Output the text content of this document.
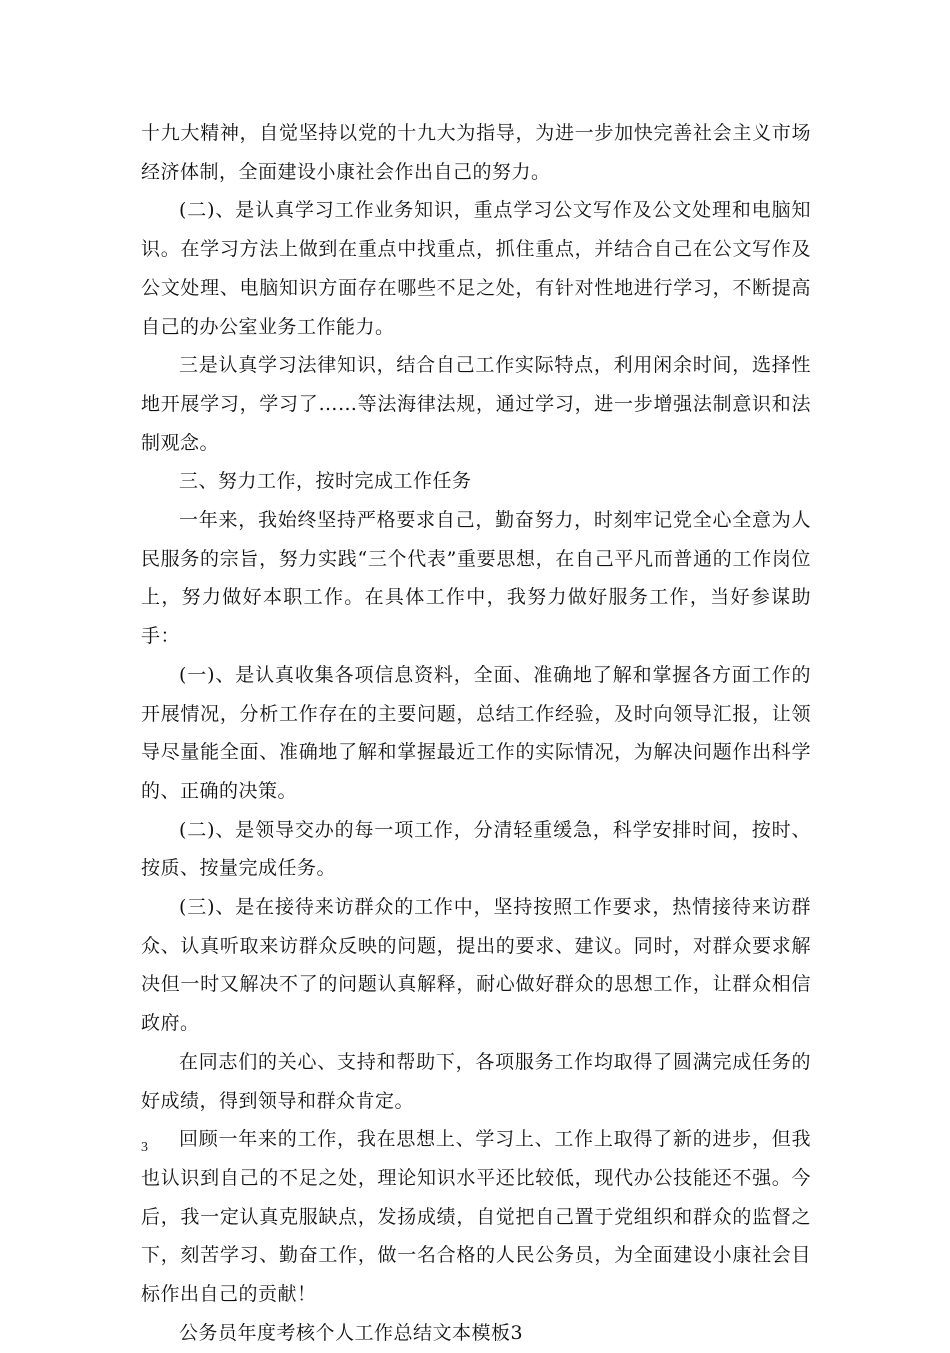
十九大精神，自觉坚持以党的十九大为指导，为进一步加快完善社会主义市场经济体制，全面建设小康社会作出自己的努力。

(二)、是认真学习工作业务知识，重点学习公文写作及公文处理和电脑知识。在学习方法上做到在重点中找重点，抓住重点，并结合自己在公文写作及公文处理、电脑知识方面存在哪些不足之处，有针对性地进行学习，不断提高自己的办公室业务工作能力。

三是认真学习法律知识，结合自己工作实际特点，利用闲余时间，选择性地开展学习，学习了……等法海律法规，通过学习，进一步增强法制意识和法制观念。

三、努力工作，按时完成工作任务

一年来，我始终坚持严格要求自己，勤奋努力，时刻牢记党全心全意为人民服务的宗旨，努力实践“三个代表”重要思想，在自己平凡而普通的工作岗位上，努力做好本职工作。在具体工作中，我努力做好服务工作，当好参谋助手：

(一)、是认真收集各项信息资料，全面、准确地了解和掌握各方面工作的开展情况，分析工作存在的主要问题，总结工作经验，及时向领导汇报，让领导尽量能全面、准确地了解和掌握最近工作的实际情况，为解决问题作出科学的、正确的决策。

(二)、是领导交办的每一项工作，分清轻重缓急，科学安排时间，按时、按质、按量完成任务。

(三)、是在接待来访群众的工作中，坚持按照工作要求，热情接待来访群众、认真听取来访群众反映的问题，提出的要求、建议。同时，对群众要求解决但一时又解决不了的问题认真解释，耐心做好群众的思想工作，让群众相信政府。

在同志们的关心、支持和帮助下，各项服务工作均取得了圆满完成任务的好成绩，得到领导和群众肯定。

回顾一年来的工作，我在思想上、学习上、工作上取得了新的进步，但我也认识到自己的不足之处，理论知识水平还比较低，现代办公技能还不强。今后，我一定认真克服缺点，发扬成绩，自觉把自己置于党组织和群众的监督之下，刻苦学习、勤奋工作，做一名合格的人民公务员，为全面建设小康社会目标作出自己的贡献！

公务员年度考核个人工作总结文本模板3

3
